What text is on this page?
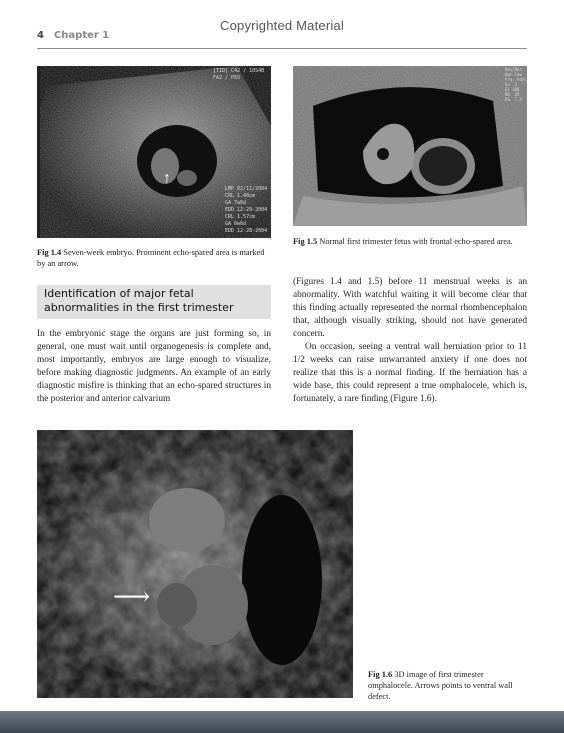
Copyrighted Material
4 Chapter 1
[TID] C42 / 10S4B
FA2 / P65
LMP 02/11/2004
CRL 1.48cm
GA 7w6d
EDD 12-29-2004
CRL 1.57cm
GA 0w6d
EDD 12-28-2004
↑
Fig 1.4 Seven-week embryo. Prominent echo-spared area is marked by an arrow.
Res/Res
Har-low
Frq. hd/L
Gn  2
E/ 180
DR  45
PS  7.5
Fig 1.5 Normal first trimester fetus with frontal echo-spared area.
Identification of major fetal abnormalities in the first trimester

In the embryonic stage the organs are just forming so, in general, one must wait until organogenesis is complete and, most importantly, embryos are large enough to visualize, before making diagnostic judgments. An example of an early diagnostic misfire is thinking that an echo-spared structures in the posterior and anterior calvarium

(Figures 1.4 and 1.5) before 11 menstrual weeks is an abnormality. With watchful waiting it will become clear that this finding actually represented the normal rhombencephalon that, although visually striking, should not have generated concern.

On occasion, seeing a ventral wall herniation prior to 11 1/2 weeks can raise unwarranted anxiety if one does not realize that this is a normal finding. If the herniation has a wide base, this could represent a true omphalocele, which is, fortunately, a rare finding (Figure 1.6).

⟶
Fig 1.6 3D image of first trimester omphalocele. Arrows points to ventral wall defect.
